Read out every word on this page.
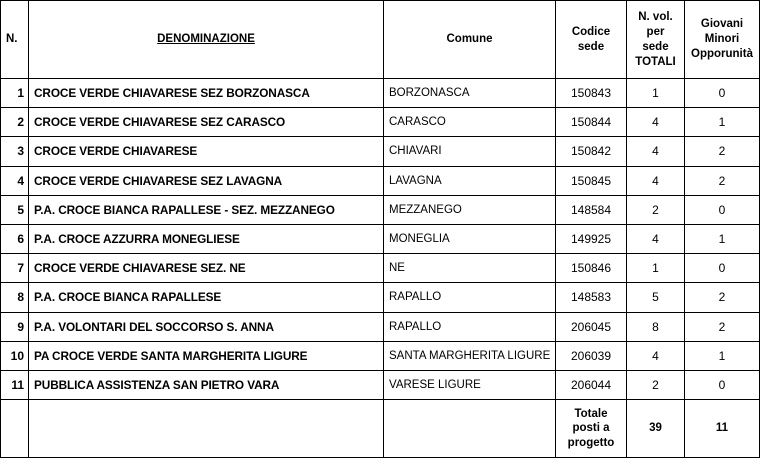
N.	DENOMINAZIONE	Comune	Codice sede	N. vol. per sede TOTALI	Giovani Minori Opporunità
1	CROCE VERDE CHIAVARESE SEZ BORZONASCA	BORZONASCA	150843	1	0
2	CROCE VERDE CHIAVARESE SEZ CARASCO	CARASCO	150844	4	1
3	CROCE VERDE CHIAVARESE	CHIAVARI	150842	4	2
4	CROCE VERDE CHIAVARESE SEZ LAVAGNA	LAVAGNA	150845	4	2
5	P.A. CROCE BIANCA RAPALLESE - SEZ. MEZZANEGO	MEZZANEGO	148584	2	0
6	P.A. CROCE AZZURRA MONEGLIESE	MONEGLIA	149925	4	1
7	CROCE VERDE CHIAVARESE SEZ. NE	NE	150846	1	0
8	P.A. CROCE BIANCA RAPALLESE	RAPALLO	148583	5	2
9	P.A. VOLONTARI DEL SOCCORSO S. ANNA	RAPALLO	206045	8	2
10	PA CROCE VERDE SANTA MARGHERITA LIGURE	SANTA MARGHERITA LIGURE	206039	4	1
11	PUBBLICA ASSISTENZA SAN PIETRO VARA	VARESE LIGURE	206044	2	0
			Totale posti a progetto	39	11
